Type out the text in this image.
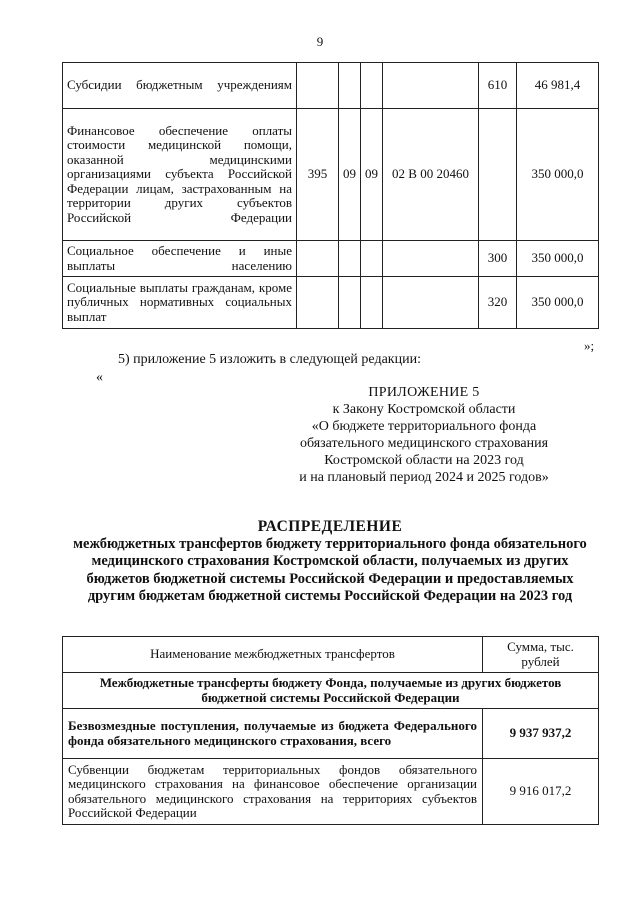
9
Субсидии бюджетным учреждениям					610	46 981,4
Финансовое обеспечение оплаты стоимости медицинской помощи, оказанной медицинскими организациями субъекта Российской Федерации лицам, застрахованным на территории других субъектов Российской Федерации	395	09	09	02 В 00 20460		350 000,0
Социальное обеспечение и иные выплаты населению					300	350 000,0
Социальные выплаты гражданам, кроме публичных нормативных социальных выплат					320	350 000,0
»;
5) приложение 5 изложить в следующей редакции:
«
ПРИЛОЖЕНИЕ 5
к Закону Костромской области
«О бюджете территориального фонда
обязательного медицинского страхования
Костромской области на 2023 год
и на плановый период 2024 и 2025 годов»
РАСПРЕДЕЛЕНИЕ
межбюджетных трансфертов бюджету территориального фонда обязательного медицинского страхования Костромской области, получаемых из других бюджетов бюджетной системы Российской Федерации и предоставляемых другим бюджетам бюджетной системы Российской Федерации на 2023 год
Наименование межбюджетных трансфертов	Сумма, тыс. рублей
Межбюджетные трансферты бюджету Фонда, получаемые из других бюджетов бюджетной системы Российской Федерации	
Безвозмездные поступления, получаемые из бюджета Федерального фонда обязательного медицинского страхования, всего	9 937 937,2
Субвенции бюджетам территориальных фондов обязательного медицинского страхования на финансовое обеспечение организации обязательного медицинского страхования на территориях субъектов Российской Федерации	9 916 017,2
